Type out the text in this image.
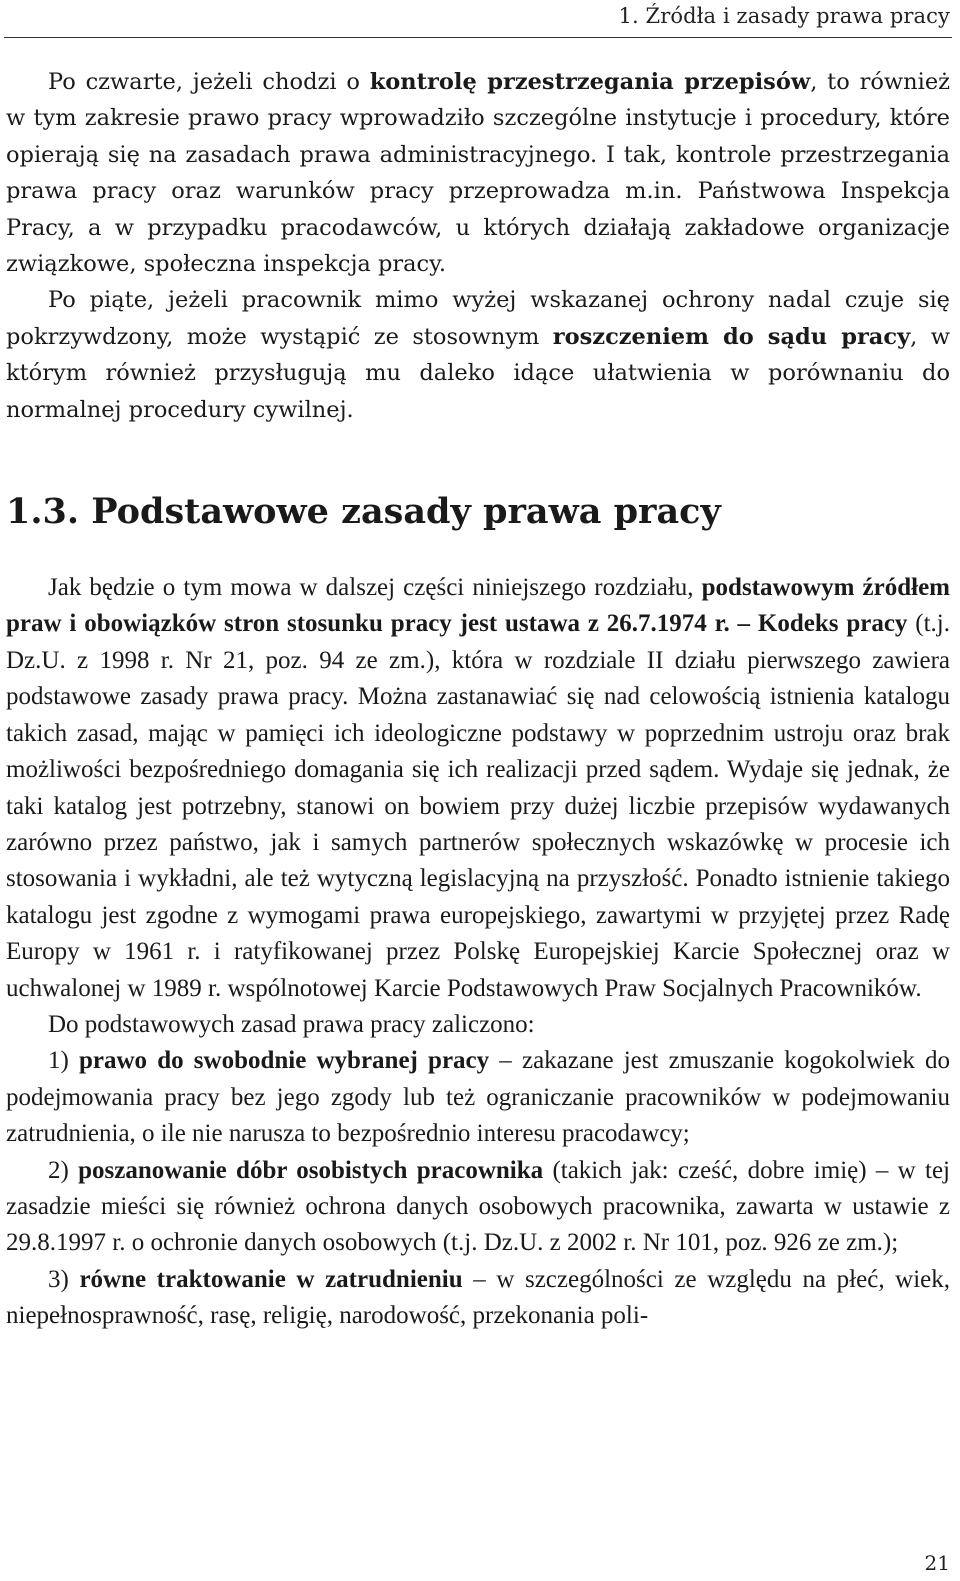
1. Źródła i zasady prawa pracy

Po czwarte, jeżeli chodzi o kontrolę przestrzegania przepisów, to również w tym zakresie prawo pracy wprowadziło szczególne instytucje i procedury, które opierają się na zasadach prawa administracyjnego. I tak, kontrole przestrzegania prawa pracy oraz warunków pracy przeprowadza m.in. Państwowa Inspekcja Pracy, a w przypadku pracodawców, u których działają zakładowe organizacje związkowe, społeczna inspekcja pracy.

Po piąte, jeżeli pracownik mimo wyżej wskazanej ochrony nadal czuje się pokrzywdzony, może wystąpić ze stosownym roszczeniem do sądu pracy, w którym również przysługują mu daleko idące ułatwienia w porównaniu do normalnej procedury cywilnej.

1.3. Podstawowe zasady prawa pracy

Jak będzie o tym mowa w dalszej części niniejszego rozdziału, podstawowym źródłem praw i obowiązków stron stosunku pracy jest ustawa z 26.7.1974 r. – Kodeks pracy (t.j. Dz.U. z 1998 r. Nr 21, poz. 94 ze zm.), która w rozdziale II działu pierwszego zawiera podstawowe zasady prawa pracy. Można zastanawiać się nad celowością istnienia katalogu takich zasad, mając w pamięci ich ideologiczne podstawy w poprzednim ustroju oraz brak możliwości bezpośredniego domagania się ich realizacji przed sądem. Wydaje się jednak, że taki katalog jest potrzebny, stanowi on bowiem przy dużej liczbie przepisów wydawanych zarówno przez państwo, jak i samych partnerów społecznych wskazówkę w procesie ich stosowania i wykładni, ale też wytyczną legislacyjną na przyszłość. Ponadto istnienie takiego katalogu jest zgodne z wymogami prawa europejskiego, zawartymi w przyjętej przez Radę Europy w 1961 r. i ratyfikowanej przez Polskę Europejskiej Karcie Społecznej oraz w uchwalonej w 1989 r. wspólnotowej Karcie Podstawowych Praw Socjalnych Pracowników.

Do podstawowych zasad prawa pracy zaliczono:

1) prawo do swobodnie wybranej pracy – zakazane jest zmuszanie kogokolwiek do podejmowania pracy bez jego zgody lub też ograniczanie pracowników w podejmowaniu zatrudnienia, o ile nie narusza to bezpośrednio interesu pracodawcy;

2) poszanowanie dóbr osobistych pracownika (takich jak: cześć, dobre imię) – w tej zasadzie mieści się również ochrona danych osobowych pracownika, zawarta w ustawie z 29.8.1997 r. o ochronie danych osobowych (t.j. Dz.U. z 2002 r. Nr 101, poz. 926 ze zm.);

3) równe traktowanie w zatrudnieniu – w szczególności ze względu na płeć, wiek, niepełnosprawność, rasę, religię, narodowość, przekonania poli-

21
